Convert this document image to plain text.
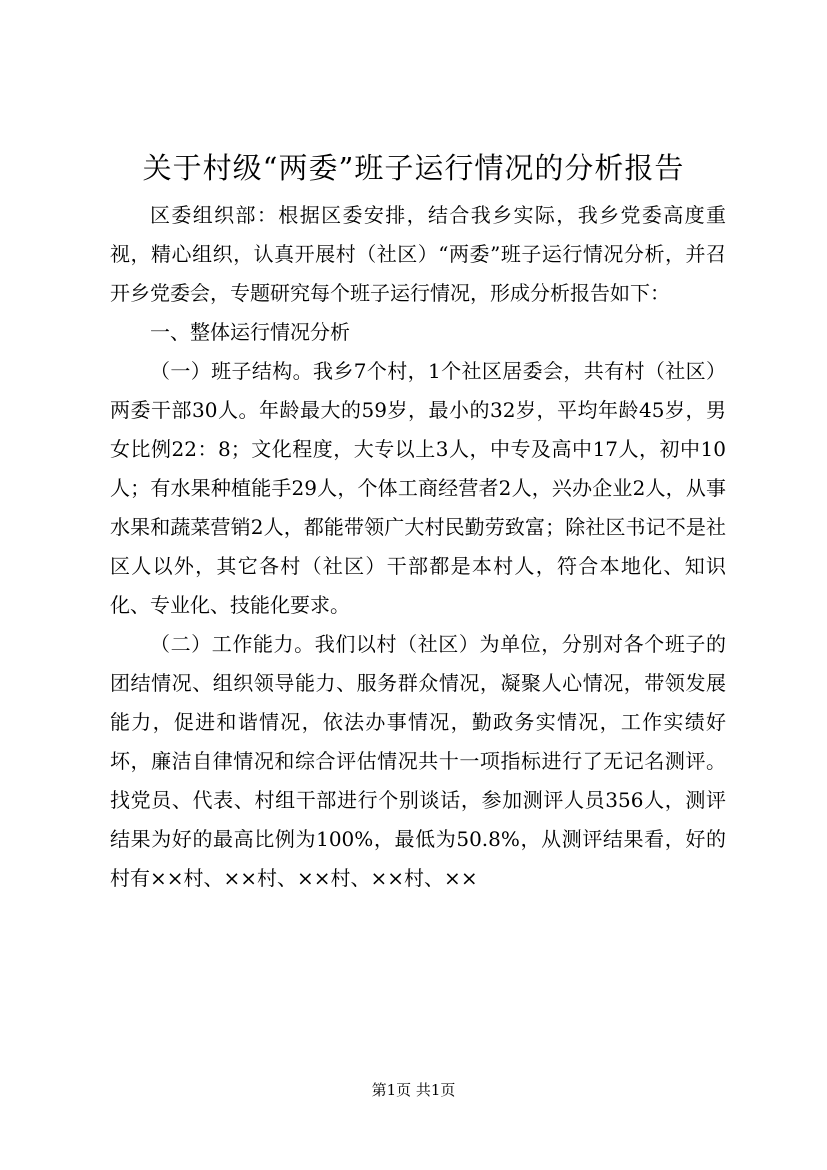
关于村级“两委”班子运行情况的分析报告

区委组织部：根据区委安排，结合我乡实际，我乡党委高度重视，精心组织，认真开展村（社区）“两委”班子运行情况分析，并召开乡党委会，专题研究每个班子运行情况，形成分析报告如下：

一、整体运行情况分析

（一）班子结构。我乡7个村，1个社区居委会，共有村（社区）两委干部30人。年龄最大的59岁，最小的32岁，平均年龄45岁，男女比例22：8；文化程度，大专以上3人，中专及高中17人，初中10人；有水果种植能手29人，个体工商经营者2人，兴办企业2人，从事水果和蔬菜营销2人，都能带领广大村民勤劳致富；除社区书记不是社区人以外，其它各村（社区）干部都是本村人，符合本地化、知识化、专业化、技能化要求。

（二）工作能力。我们以村（社区）为单位，分别对各个班子的团结情况、组织领导能力、服务群众情况，凝聚人心情况，带领发展能力，促进和谐情况，依法办事情况，勤政务实情况，工作实绩好坏，廉洁自律情况和综合评估情况共十一项指标进行了无记名测评。找党员、代表、村组干部进行个别谈话，参加测评人员356人，测评结果为好的最高比例为100%，最低为50.8%，从测评结果看，好的村有××村、××村、××村、××村、××

第1页 共1页
